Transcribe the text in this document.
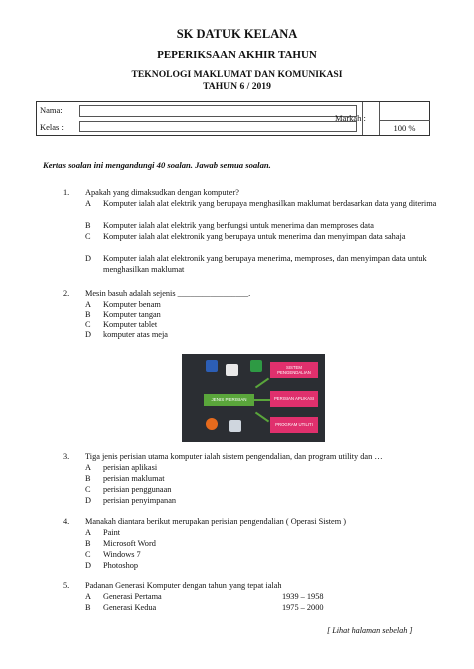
SK DATUK KELANA
PEPERIKSAAN AKHIR TAHUN
TEKNOLOGI MAKLUMAT DAN KOMUNIKASI
TAHUN 6 / 2019
Nama:
Kelas :
Markah :
100 %
Kertas soalan ini mengandungi 40 soalan. Jawab semua soalan.
1. Apakah yang dimaksudkan dengan komputer?
A Komputer ialah alat elektrik yang berupaya menghasilkan maklumat berdasarkan data yang diterima
B Komputer ialah alat elektrik yang berfungsi untuk menerima dan memproses data
C Komputer ialah alat elektronik yang berupaya untuk menerima dan menyimpan data sahaja
D Komputer ialah alat elektronik yang berupaya menerima, memproses, dan menyimpan data untuk menghasilkan maklumat
2. Mesin basuh adalah sejenis _________________.
A Komputer benam
B Komputer tangan
C Komputer tablet
D komputer atas meja
JENIS PERISIAN
SISTEM PENGENDALIAN
PERISIAN APLIKASI
PROGRAM UTILITI
3. Tiga jenis perisian utama komputer ialah sistem pengendalian, dan program utility dan …
A perisian aplikasi
B perisian maklumat
C perisian penggunaan
D perisian penyimpanan
4. Manakah diantara berikut merupakan perisian pengendalian ( Operasi Sistem )
A Paint
B Microsoft Word
C Windows 7
D Photoshop
5. Padanan Generasi Komputer dengan tahun yang tepat ialah
A Generasi Pertama	1939 – 1958
B Generasi Kedua	1975 – 2000
[ Lihat halaman sebelah ]
